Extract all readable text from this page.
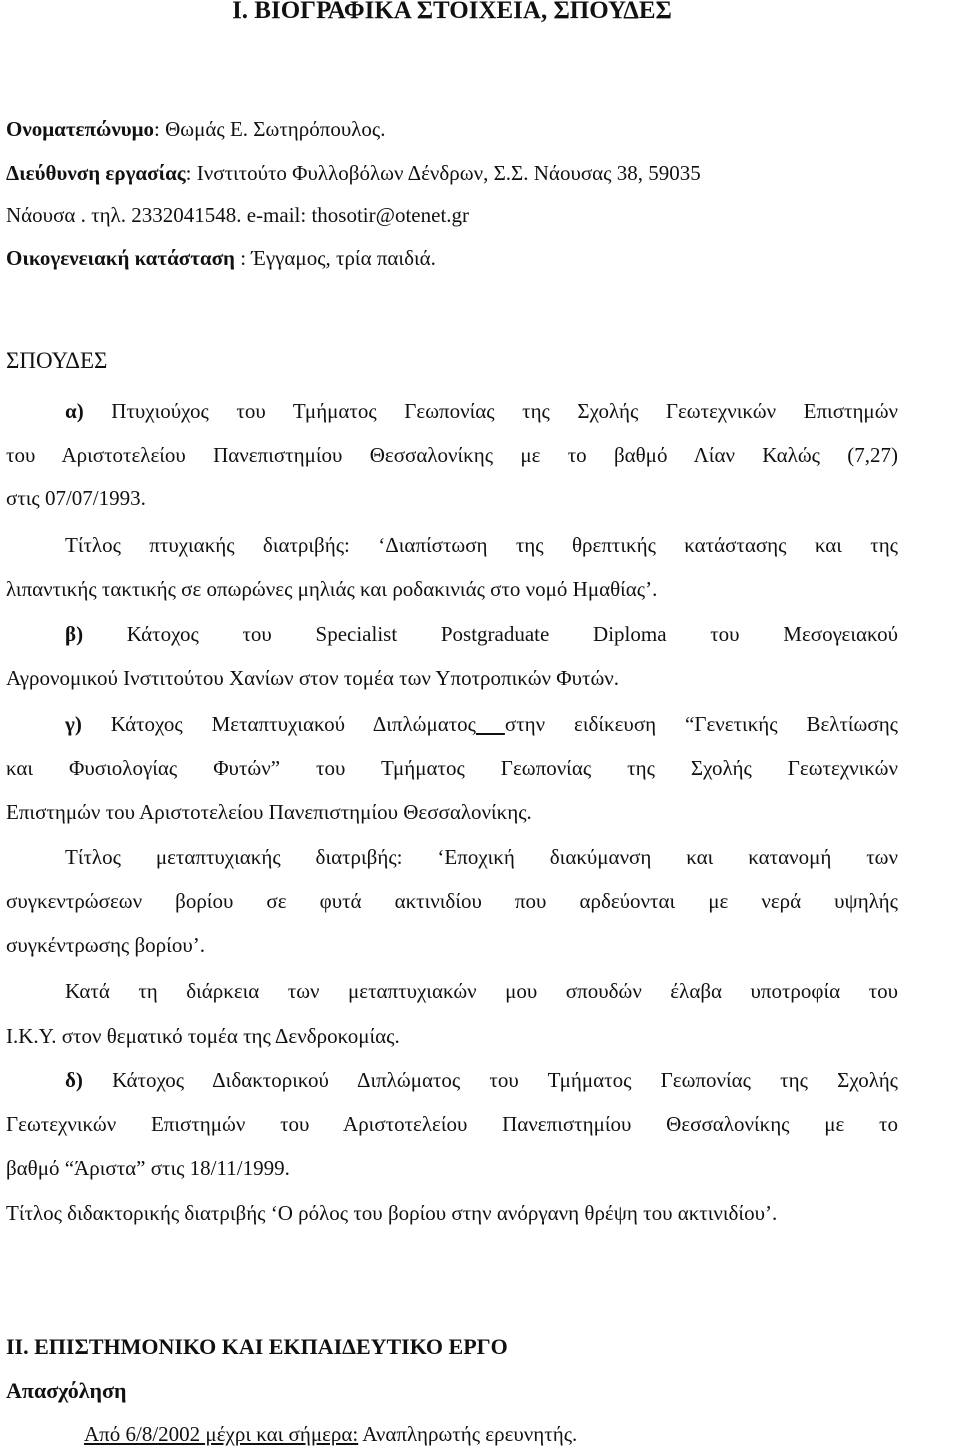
Ι. ΒΙΟΓΡΑΦΙΚΑ ΣΤΟΙΧΕΙΑ, ΣΠΟΥΔΕΣ
Ονοματεπώνυμο: Θωμάς Ε. Σωτηρόπουλος.
Διεύθυνση εργασίας: Ινστιτούτο Φυλλοβόλων Δένδρων, Σ.Σ. Νάουσας 38, 59035
Νάουσα . τηλ. 2332041548. e-mail: thosotir@otenet.gr
Οικογενειακή κατάσταση : Έγγαμος, τρία παιδιά.
ΣΠΟΥΔΕΣ
α) Πτυχιούχος του Τμήματος Γεωπονίας της Σχολής Γεωτεχνικών Επιστημών
του Αριστοτελείου Πανεπιστημίου Θεσσαλονίκης με το βαθμό Λίαν Καλώς (7,27)
στις 07/07/1993.
Τίτλος πτυχιακής διατριβής: ‘Διαπίστωση της θρεπτικής κατάστασης και της
λιπαντικής τακτικής σε οπωρώνες μηλιάς και ροδακινιάς στο νομό Ημαθίας’.
β) Κάτοχος του Specialist Postgraduate Diploma του Μεσογειακού
Αγρονομικού Ινστιτούτου Χανίων στον τομέα των Υποτροπικών Φυτών.
γ) Κάτοχος Μεταπτυχιακού Διπλώματος στην ειδίκευση “Γενετικής Βελτίωσης
και Φυσιολογίας Φυτών” του Τμήματος Γεωπονίας της Σχολής Γεωτεχνικών
Επιστημών του Αριστοτελείου Πανεπιστημίου Θεσσαλονίκης.
Τίτλος μεταπτυχιακής διατριβής: ‘Εποχική διακύμανση και κατανομή των
συγκεντρώσεων βορίου σε φυτά ακτινιδίου που αρδεύονται με νερά υψηλής
συγκέντρωσης βορίου’.
Κατά τη διάρκεια των μεταπτυχιακών μου σπουδών έλαβα υποτροφία του
Ι.Κ.Υ. στον θεματικό τομέα της Δενδροκομίας.
δ) Κάτοχος Διδακτορικού Διπλώματος του Τμήματος Γεωπονίας της Σχολής
Γεωτεχνικών Επιστημών του Αριστοτελείου Πανεπιστημίου Θεσσαλονίκης με το
βαθμό “Άριστα” στις 18/11/1999.
Τίτλος διδακτορικής διατριβής ‘Ο ρόλος του βορίου στην ανόργανη θρέψη του ακτινιδίου’.
ΙΙ. ΕΠΙΣΤΗΜΟΝΙΚΟ ΚΑΙ ΕΚΠΑΙΔΕΥΤΙΚΟ ΕΡΓΟ
Απασχόληση
Από 6/8/2002 μέχρι και σήμερα: Αναπληρωτής ερευνητής.
